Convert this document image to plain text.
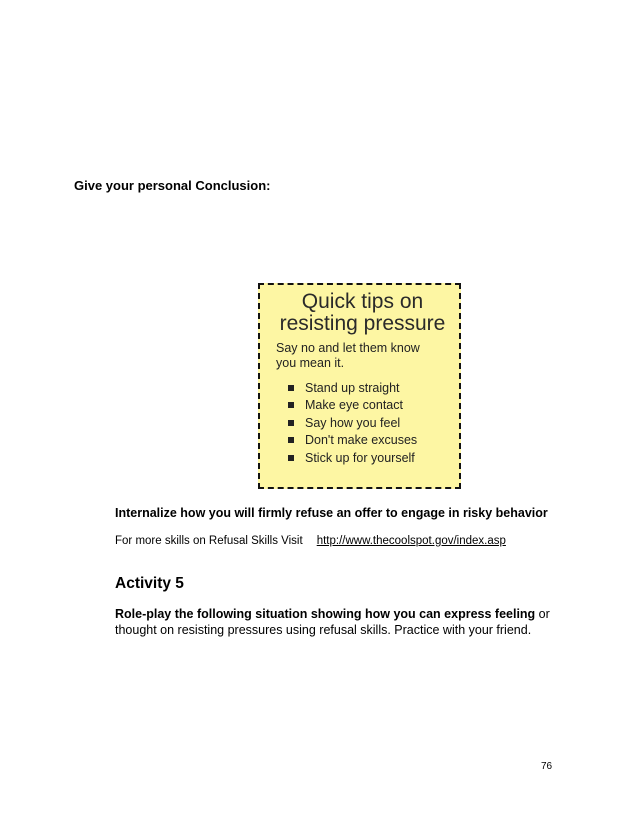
Give your personal Conclusion:
Quick tips on
resisting pressure
Say no and let them know
you mean it.
Stand up straight
Make eye contact
Say how you feel
Don't make excuses
Stick up for yourself
Internalize how you will firmly refuse an offer to engage in risky behavior
For more skills on Refusal Skills Visit http://www.thecoolspot.gov/index.asp
Activity 5
Role-play the following situation showing how you can express feeling or thought on resisting pressures using refusal skills. Practice with your friend.
76
